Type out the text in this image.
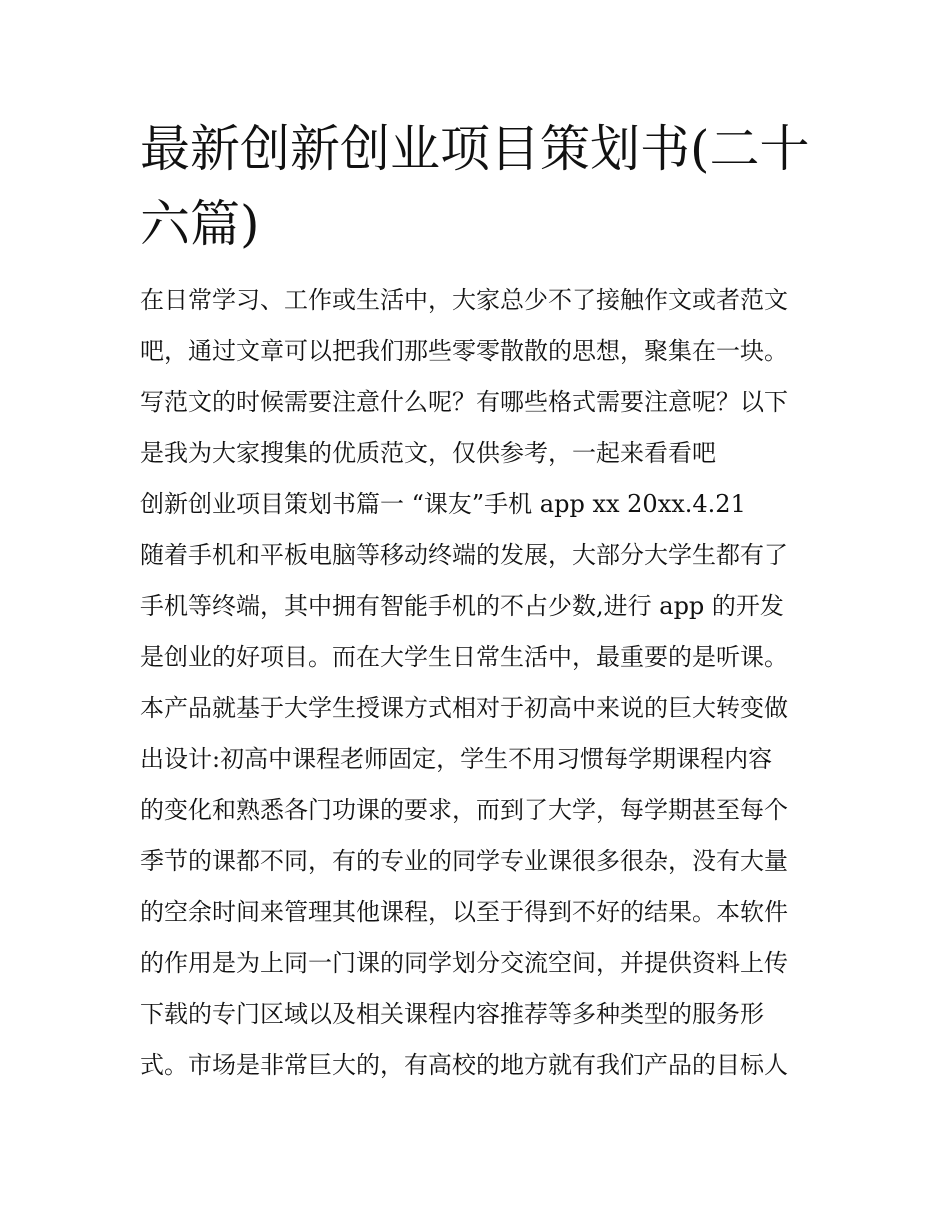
最新创新创业项目策划书(二十
六篇)

在日常学习、工作或生活中，大家总少不了接触作文或者范文

吧，通过文章可以把我们那些零零散散的思想，聚集在一块。

写范文的时候需要注意什么呢？有哪些格式需要注意呢？以下

是我为大家搜集的优质范文，仅供参考，一起来看看吧

创新创业项目策划书篇一 “课友”手机 app xx 20xx.4.21

随着手机和平板电脑等移动终端的发展，大部分大学生都有了

手机等终端，其中拥有智能手机的不占少数,进行 app 的开发

是创业的好项目。而在大学生日常生活中，最重要的是听课。

本产品就基于大学生授课方式相对于初高中来说的巨大转变做

出设计:初高中课程老师固定，学生不用习惯每学期课程内容

的变化和熟悉各门功课的要求，而到了大学，每学期甚至每个

季节的课都不同，有的专业的同学专业课很多很杂，没有大量

的空余时间来管理其他课程，以至于得到不好的结果。本软件

的作用是为上同一门课的同学划分交流空间，并提供资料上传

下载的专门区域以及相关课程内容推荐等多种类型的服务形

式。市场是非常巨大的，有高校的地方就有我们产品的目标人
